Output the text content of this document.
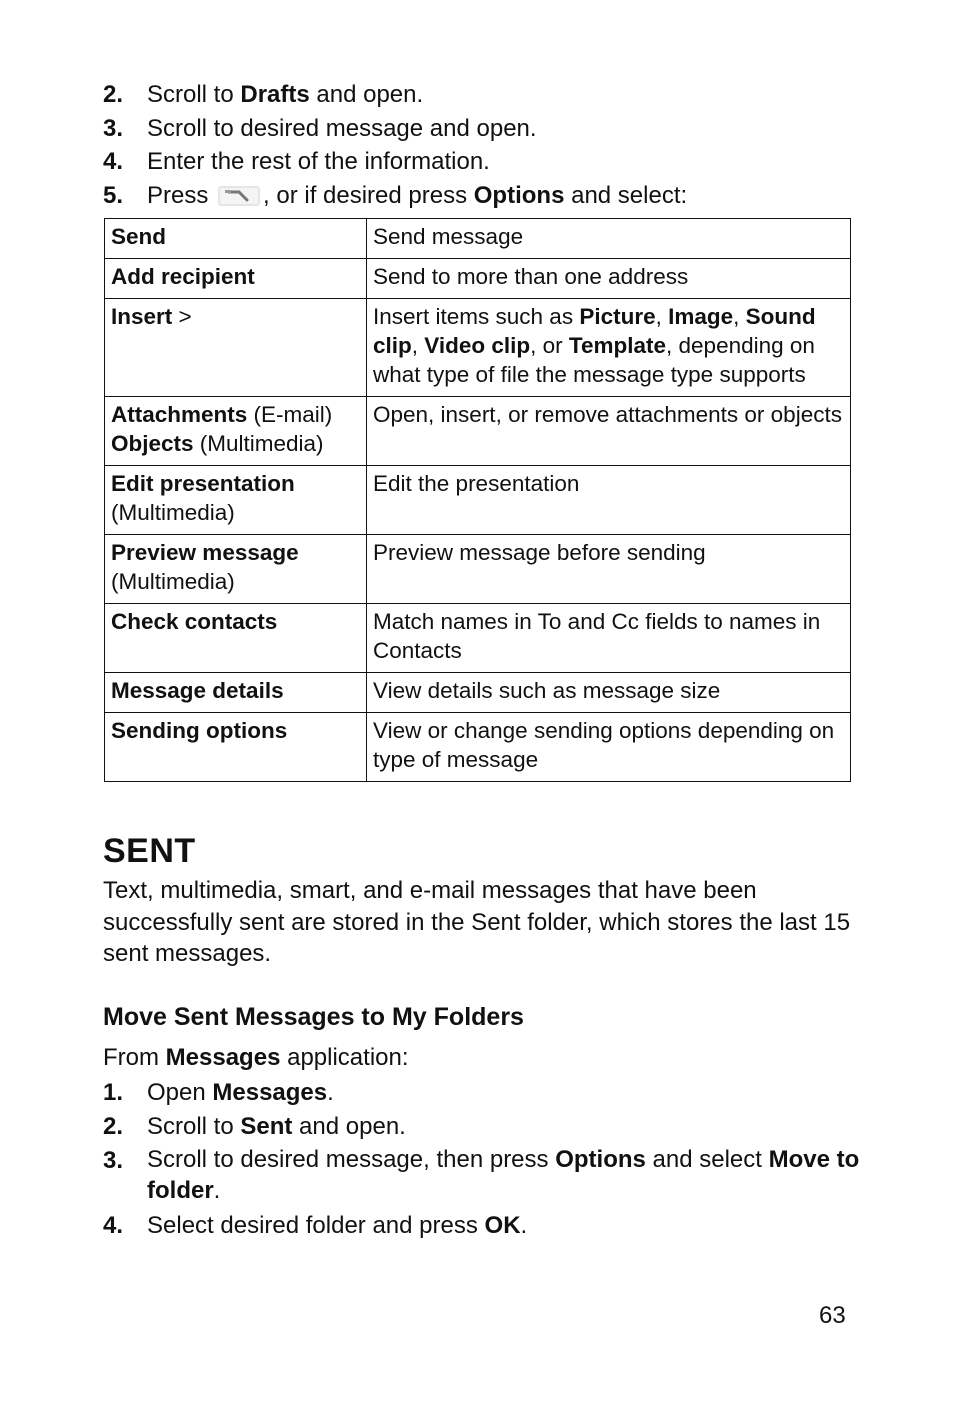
2. Scroll to Drafts and open.
3. Scroll to desired message and open.
4. Enter the rest of the information.
5. Press , or if desired press Options and select:
Send	Send message
Add recipient	Send to more than one address
Insert >	Insert items such as Picture, Image, Sound clip, Video clip, or Template, depending on what type of file the message type supports
Attachments (E-mail)
Objects (Multimedia)	Open, insert, or remove attachments or objects
Edit presentation
(Multimedia)	Edit the presentation
Preview message
(Multimedia)	Preview message before sending
Check contacts	Match names in To and Cc fields to names in Contacts
Message details	View details such as message size
Sending options	View or change sending options depending on type of message
SENT

Text, multimedia, smart, and e-mail messages that have been successfully sent are stored in the Sent folder, which stores the last 15 sent messages.

Move Sent Messages to My Folders

From Messages application:

1. Open Messages.
2. Scroll to Sent and open.
3. Scroll to desired message, then press Options and select Move to folder.
4. Select desired folder and press OK.
63
